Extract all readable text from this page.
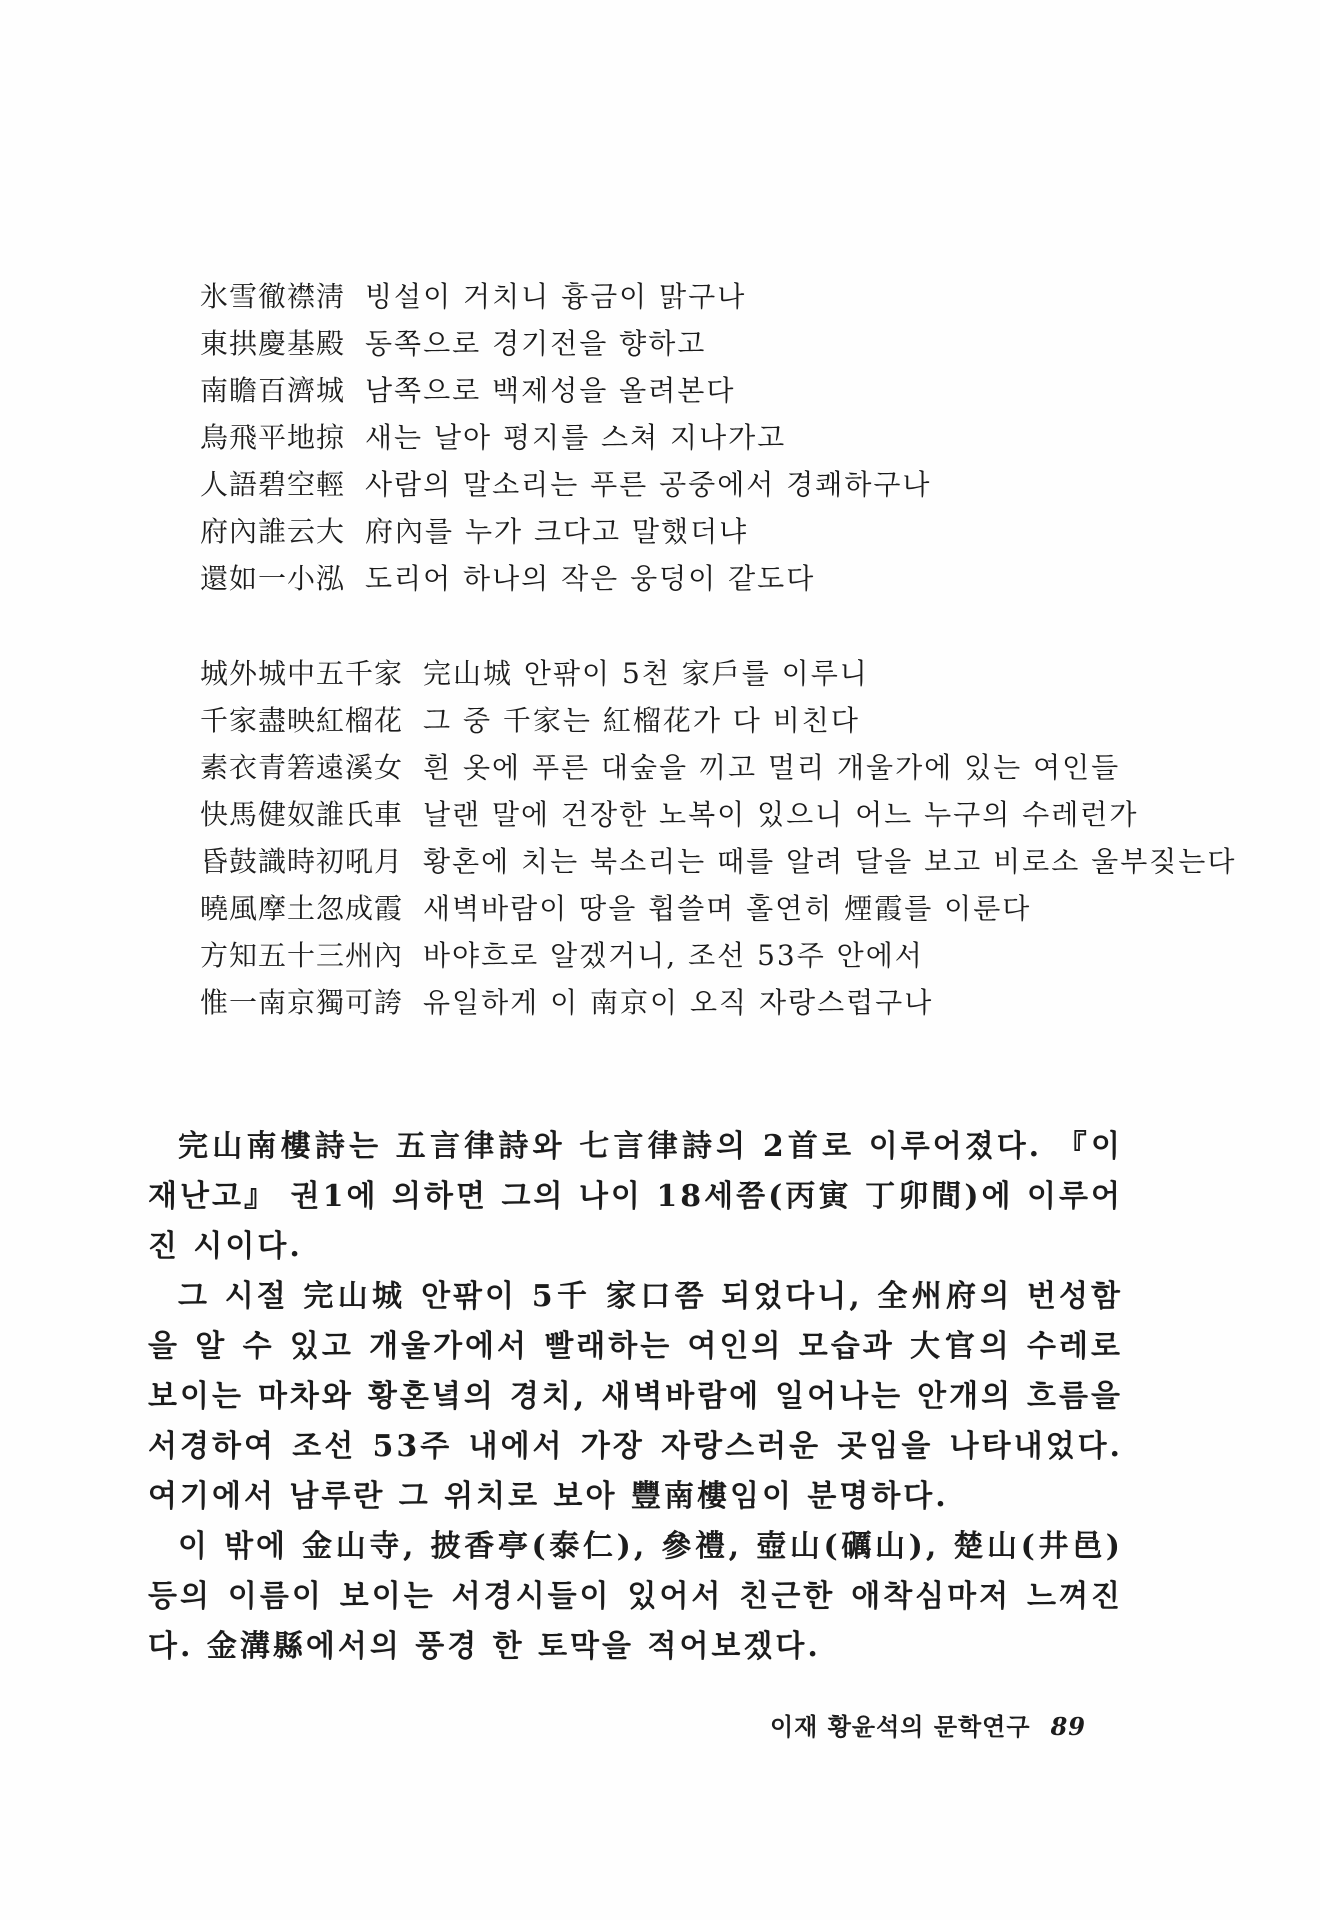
氷雪徹襟淸 빙설이 거치니 흉금이 맑구나
東拱慶基殿 동쪽으로 경기전을 향하고
南瞻百濟城 남쪽으로 백제성을 올려본다
鳥飛平地掠 새는 날아 평지를 스쳐 지나가고
人語碧空輕 사람의 말소리는 푸른 공중에서 경쾌하구나
府內誰云大 府內를 누가 크다고 말했더냐
還如一小泓 도리어 하나의 작은 웅덩이 같도다
城外城中五千家 完山城 안팎이 5천 家戶를 이루니
千家盡映紅榴花 그 중 千家는 紅榴花가 다 비친다
素衣青箬遠溪女 흰 옷에 푸른 대숲을 끼고 멀리 개울가에 있는 여인들
快馬健奴誰氏車 날랜 말에 건장한 노복이 있으니 어느 누구의 수레런가
昏鼓識時初吼月 황혼에 치는 북소리는 때를 알려 달을 보고 비로소 울부짖는다
曉風摩土忽成霞 새벽바람이 땅을 휩쓸며 홀연히 煙霞를 이룬다
方知五十三州內 바야흐로 알겠거니, 조선 53주 안에서
惟一南京獨可誇 유일하게 이 南京이 오직 자랑스럽구나

完山南樓詩는 五言律詩와 七言律詩의 2首로 이루어졌다. 『이재난고』 권1에 의하면 그의 나이 18세쯤(丙寅 丁卯間)에 이루어진 시이다.

그 시절 完山城 안팎이 5千 家口쯤 되었다니, 全州府의 번성함을 알 수 있고 개울가에서 빨래하는 여인의 모습과 大官의 수레로 보이는 마차와 황혼녘의 경치, 새벽바람에 일어나는 안개의 흐름을 서경하여 조선 53주 내에서 가장 자랑스러운 곳임을 나타내었다. 여기에서 남루란 그 위치로 보아 豐南樓임이 분명하다.

이 밖에 金山寺, 披香亭(泰仁), 參禮, 壺山(礪山), 楚山(井邑) 등의 이름이 보이는 서경시들이 있어서 친근한 애착심마저 느껴진다. 金溝縣에서의 풍경 한 토막을 적어보겠다.

이재 황윤석의 문학연구 89
